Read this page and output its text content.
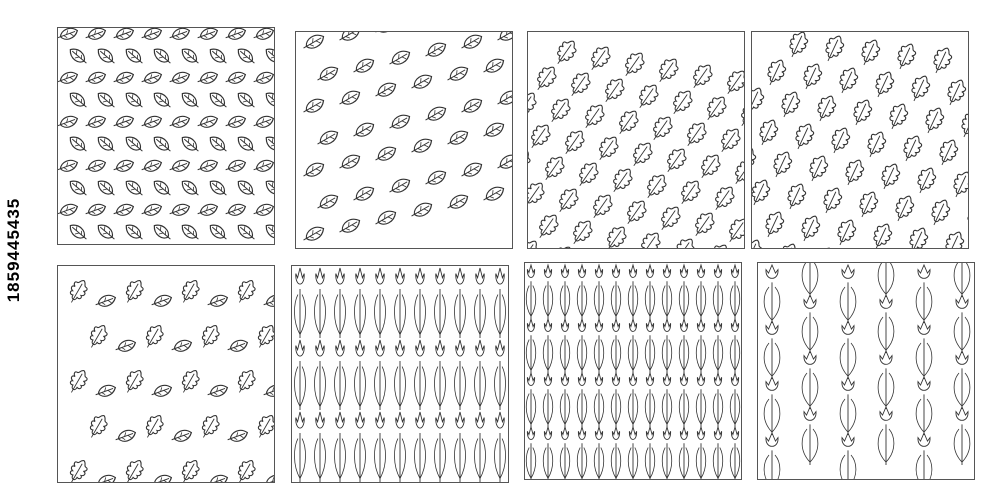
1859445435
